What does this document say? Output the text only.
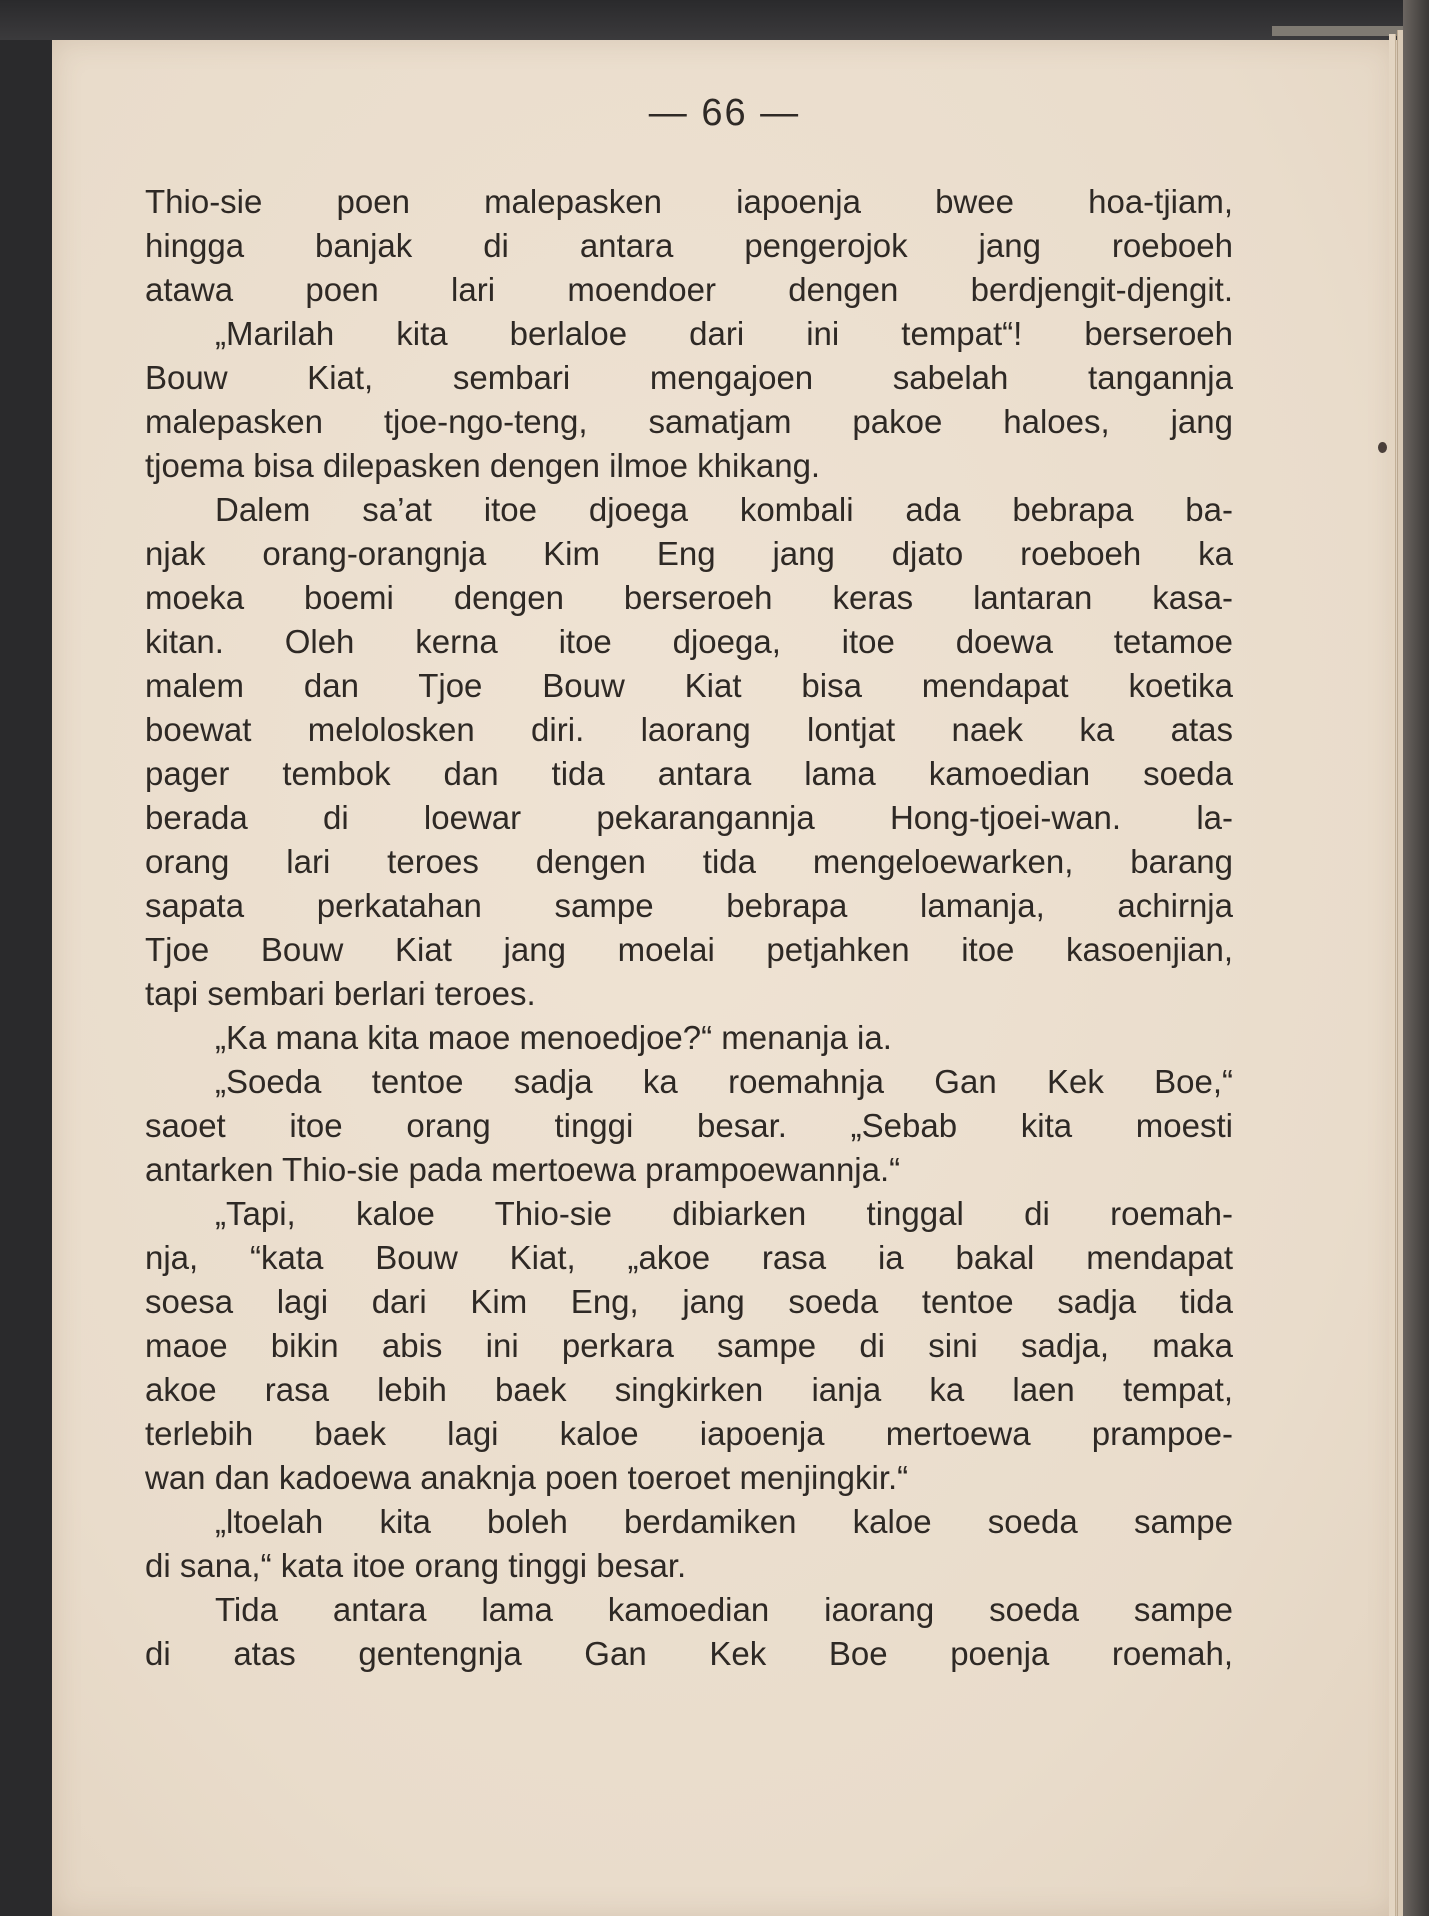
— 66 —

Thio-sie poen malepasken iapoenja bwee hoa-tjiam,

hingga banjak di antara pengerojok jang roeboeh

atawa poen lari moendoer dengen berdjengit-djengit.

„Marilah kita berlaloe dari ini tempat“! berseroeh

Bouw Kiat, sembari mengajoen sabelah tangannja

malepasken tjoe-ngo-teng, samatjam pakoe haloes, jang

tjoema bisa dilepasken dengen ilmoe khikang.

Dalem sa’at itoe djoega kombali ada bebrapa ba-

njak orang-orangnja Kim Eng jang djato roeboeh ka

moeka boemi dengen berseroeh keras lantaran kasa-

kitan. Oleh kerna itoe djoega, itoe doewa tetamoe

malem dan Tjoe Bouw Kiat bisa mendapat koetika

boewat melolosken diri. laorang lontjat naek ka atas

pager tembok dan tida antara lama kamoedian soeda

berada di loewar pekarangannja Hong-tjoei-wan. la-

orang lari teroes dengen tida mengeloewarken, barang

sapata perkatahan sampe bebrapa lamanja, achirnja

Tjoe Bouw Kiat jang moelai petjahken itoe kasoenjian,

tapi sembari berlari teroes.

„Ka mana kita maoe menoedjoe?“ menanja ia.

„Soeda tentoe sadja ka roemahnja Gan Kek Boe,“

saoet itoe orang tinggi besar. „Sebab kita moesti

antarken Thio-sie pada mertoewa prampoewannja.“

„Tapi, kaloe Thio-sie dibiarken tinggal di roemah-

nja, “kata Bouw Kiat, „akoe rasa ia bakal mendapat

soesa lagi dari Kim Eng, jang soeda tentoe sadja tida

maoe bikin abis ini perkara sampe di sini sadja, maka

akoe rasa lebih baek singkirken ianja ka laen tempat,

terlebih baek lagi kaloe iapoenja mertoewa prampoe-

wan dan kadoewa anaknja poen toeroet menjingkir.“

„ltoelah kita boleh berdamiken kaloe soeda sampe

di sana,“ kata itoe orang tinggi besar.

Tida antara lama kamoedian iaorang soeda sampe

di atas gentengnja Gan Kek Boe poenja roemah,
